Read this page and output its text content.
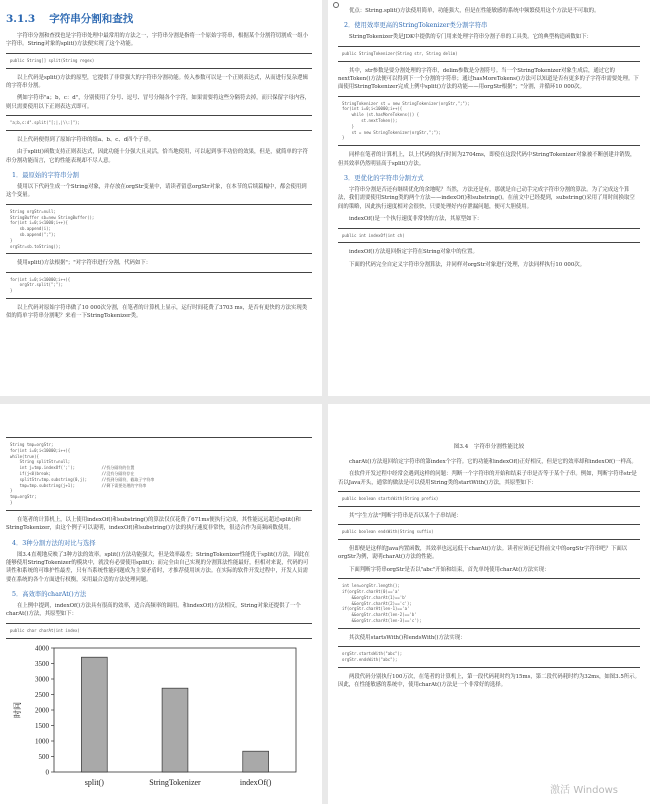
3.1.3 字符串分割和查找

字符串分割和查找也是字符串处理中最常用的方法之一，字符串分割是指将一个原始字符串，根据某个分割符切割成一组小字符串。String对象的split()方法便实现了这个功能。

public String[] split(String regex)

以上代码是split()方法的原型，它提供了非常强大的字符串分割功能。传入参数可以是一个正则表达式，从而进行复杂逻辑的字符串分割。

例如字符串"a；b，c：d"，分别使用了分号、逗号、冒号分隔各个字符，如果需要将这些分隔符去掉，而只保留字母内容，则只需要使用以下正则表达式即可。

"a;b,c:d".split("[;|,|\\:]");

以上代码便得到了原始字符串的组a、b、c、d四个子串。

由于split()函数支持正则表达式，因此功能十分强大且灵活，恰当地使用，可以起到事半功倍的效果，但是，就简单的字符串分割功能而言，它的性能表现却不尽人意。

1．最原始的字符串分割

使用以下代码生成一个String对象，并存放在orgStr变量中，请读者留意orgStr对象，在本节的后续篇幅中，都会使用到这个变量。

String orgStr=null;
StringBuffer sb=new StringBuffer();
for(int i=0;i<1000;i++){
sb.append(i);
sb.append(";");
}
orgStr=sb.toString();

使用split()方法根据"；"对字符串进行分割，代码如下：

for(int i=0;i<10000;i++){
orgStr.split(";");
}

以上代码对原始字符串做了10 000次分割，在笔者的计算机上显示，运行时间花费了3703 ms，是否有更快的方法实现类似的简单字符串分割呢？来看一下StringTokenizer类。

优点：String.split()方法使用简单，功能强大，但是在性能敏感的系统中频繁使用这个方法是不可取的。

2．使用效率更高的StringTokenizer类分割字符串

StringTokenizer类是JDK中提供的专门用来处理字符串分割子串的工具类。它的典型构造函数如下：

public StringTokenizer(String str, String delim)

其中，str参数是要分割处理的字符串，delim参数是分割符号。当一个StringTokenizer对象生成后，通过它的nextToken()方法便可以得到下一个分割的字符串；通过hasMoreTokens()方法可以知道是否有更多的子字符串需要处理。下面使用StringTokenizer完成上例中split()方法的功能——用orgStr根据"；"分割，并循环10 000次。

StringTokenizer st = new StringTokenizer(orgStr,";");
for(int i=0;i<10000;i++){
while (st.hasMoreTokens()) {
st.nextToken();
}
st = new StringTokenizer(orgStr,";");
}

同样在笔者的计算机上，以上代码的执行时间为2704ms，即使在这段代码中StringTokenizer对象被不断创建并销毁，但其效率仍然明显高于split()方法。

3．更优化的字符串分割方式

字符串分割是否还有继续优化的余地呢？当然，方法还是有，那就是自己动手完成字符串分割的算法。为了完成这个算法，我们需要使用String类的两个方法——indexOf()和substring()。在前文中已经提到，substring()采用了用时间换取空间的策略，因此执行速度相对会很快，只要处理好内存泄漏问题，便可大胆使用。

indexOf()是一个执行速度非常快的方法，其原型如下：

public int indexOf(int ch)

indexOf()方法返回指定字符在String对象中的位置。

下面的代码完全自定义字符串分割算法，并同样对orgStr对象进行处理，方法同样执行10 000次。

String tmp=orgStr;
for(int i=0;i<10000;i++){
while(true){
String splitStr=null;
int j=tmp.indexOf(';');           //找分隔符的位置
if(j<0)break;                     //没有分隔符存在
splitStr=tmp.substring(0,j);      //找到分隔符，截取子字符串
tmp=tmp.substring(j+1);           //剩下需要处理的字符串
}
tmp=orgStr;
}

在笔者的计算机上，以上使用indexOf()和substring()的算法仅仅花费了671ms便执行完成，其性能远远超过split()和StringTokenizer，由这个例子可以说明，indexOf()和substring()方法的执行速度非常快，很适合作为高频函数使用。

4．3种分割方法的对比与选择

图3.4直观地反映了3种方法的效率。split()方法功能强大，但是效率最差；StringTokenizer性能优于split()方法，因此在能够使用StringTokenizer的模块中，就没有必要使用split()；而完全由自己实现的分割算法性能最好，但相对来说，代码的可读性和系统的可维护性最差，只有当系统性能问题成为主要矛盾时，才推荐使用该方法。在实际的软件开发过程中，开发人员需要在系统的各个方面进行权衡，采用最合适的方法处理问题。

5．高效率的charAt()方法

在上例中提到，indexOf()方法具有很高的效率，适合高频率的调用。和indexOf()方法相反，String对象还提供了一个charAt()方法，其原型如下：

public char charAt(int index)
0
500
1000
1500
2000
2500
3000
3500
4000
时间
split()	StringTokenizer	indexOf()
图3.4　字符串分割性能比较

charAt()方法返回给定字符串的第index个字符。它的功能和indexOf()正好相反，但是它的效率却和indexOf()一样高。

在软件开发过程中经常会遇到这样的问题：判断一个字符串的开始和结束子串是否等于某个子串。例如，判断字符串str是否以Java开头，通常的做法是可以使用String类的startWith()方法，其原型如下：

public boolean startsWith(String prefix)

其"字生方法"判断字符串是否以某个子串结尾：

public boolean endsWith(String suffix)

但即便是这样的Java内置函数，其效率也远远低于charAt()方法。读者应该还记得前文中的orgStr字符串吧？下面以orgStr为例，说明charAt()方法的性能。

下面判断字符串orgStr是否以"abc"开始和结束，首先单纯使用charAt()方法实现：

int len=orgStr.length();
if(orgStr.charAt(0)=='a'
&&orgStr.charAt(1)=='b'
&&orgStr.charAt(2)=='c');
if(orgStr.charAt(len-1)=='a'
&&orgStr.charAt(len-2)=='b'
&&orgStr.charAt(len-3)=='c');

其次使用startsWith()和endsWith()方法实现：

orgStr.startsWith("abc");
orgStr.endsWith("abc");

两段代码分别执行100万次，在笔者的计算机上，第一段代码耗时约为15ms，第二段代码耗时约为32ms，如图3.5所示。因此，在性能敏感的系统中，使用charAt()方法是一个非常好的选择。

激活 Windows
